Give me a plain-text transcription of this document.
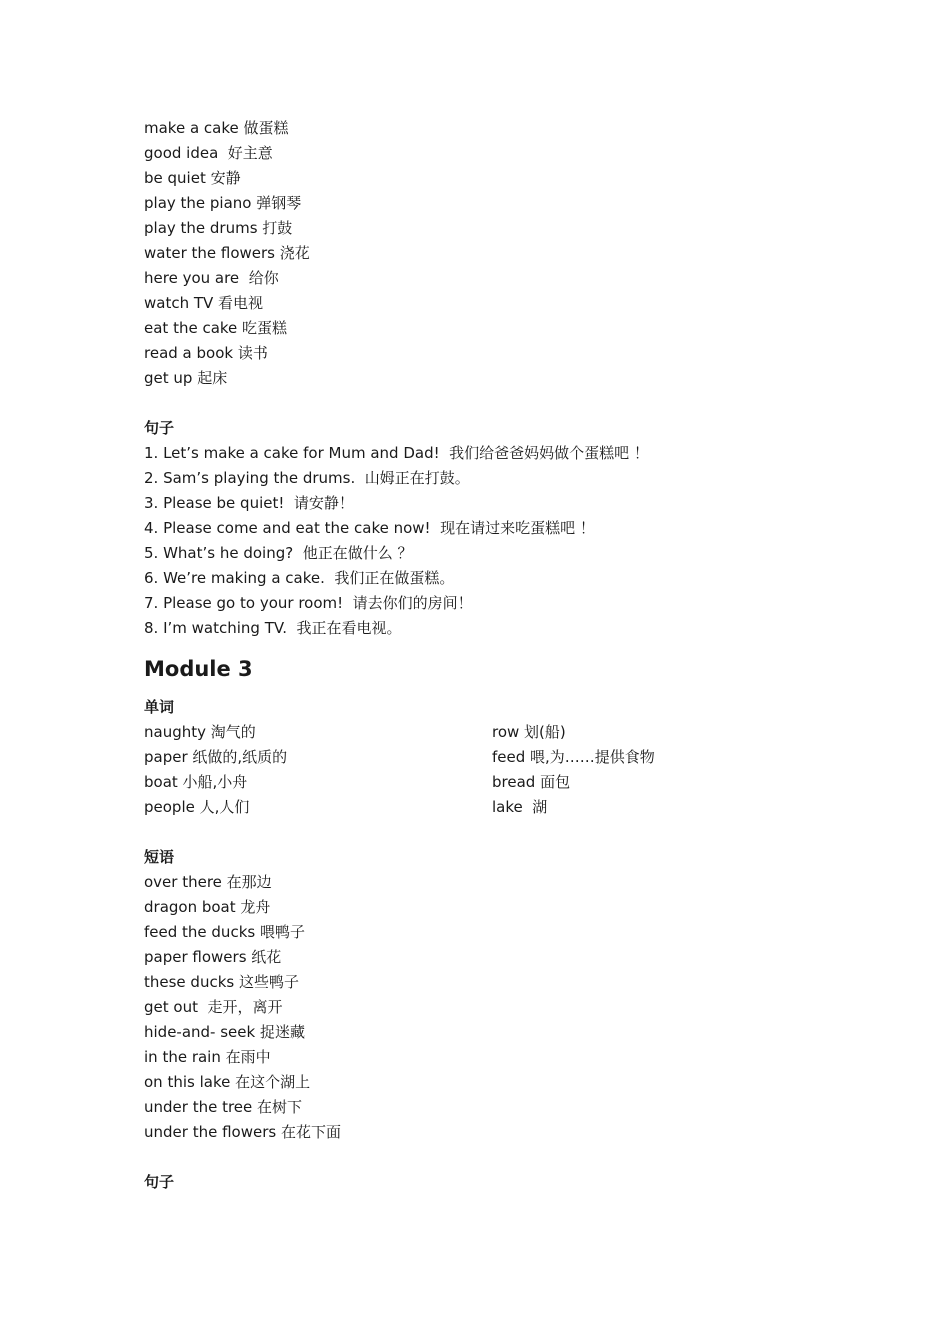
make a cake 做蛋糕
good idea  好主意
be quiet 安静
play the piano 弹钢琴
play the drums 打鼓
water the flowers 浇花
here you are  给你
watch TV 看电视
eat the cake 吃蛋糕
read a book 读书
get up 起床
句子
1. Let’s make a cake for Mum and Dad!  我们给爸爸妈妈做个蛋糕吧 ！
2. Sam’s playing the drums.  山姆正在打鼓。
3. Please be quiet!  请安静！
4. Please come and eat the cake now!  现在请过来吃蛋糕吧 ！
5. What’s he doing?  他正在做什么 ？
6. We’re making a cake.  我们正在做蛋糕。
7. Please go to your room!  请去你们的房间！
8. I’m watching TV.  我正在看电视。
Module 3
单词
naughty 淘气的
paper 纸做的,纸质的
boat 小船,小舟
people 人,人们
row 划(船)
feed 喂,为……提供食物
bread 面包
lake  湖
短语
over there 在那边
dragon boat 龙舟
feed the ducks 喂鸭子
paper flowers 纸花
these ducks 这些鸭子
get out  走开，离开
hide-and- seek 捉迷藏
in the rain 在雨中
on this lake 在这个湖上
under the tree 在树下
under the flowers 在花下面
句子
